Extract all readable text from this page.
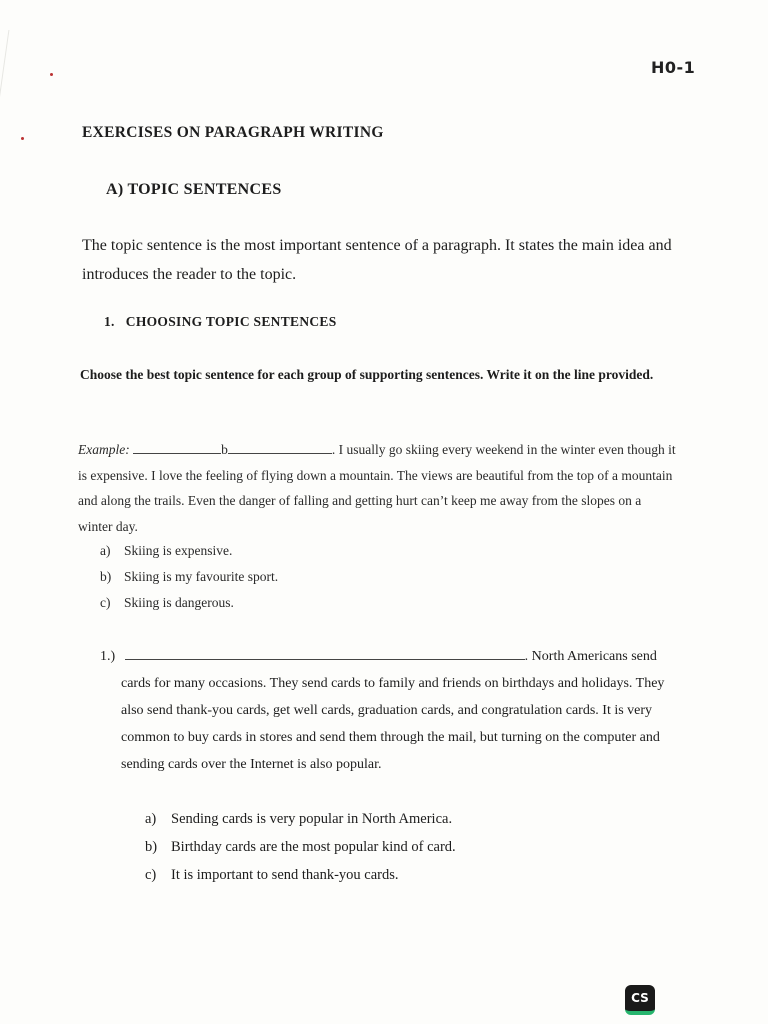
H0-1
EXERCISES ON PARAGRAPH WRITING
A) TOPIC SENTENCES
The topic sentence is the most important sentence of a paragraph. It states the main idea and introduces the reader to the topic.
1. CHOOSING TOPIC SENTENCES
Choose the best topic sentence for each group of supporting sentences. Write it on the line provided.
Example:	b	. I usually go skiing every weekend in the winter even though it is expensive. I love the feeling of flying down a mountain. The views are beautiful from the top of a mountain and along the trails. Even the danger of falling and getting hurt can’t keep me away from the slopes on a winter day.
a) Skiing is expensive.
b) Skiing is my favourite sport.
c) Skiing is dangerous.
1.)	. North Americans send
cards for many occasions. They send cards to family and friends on birthdays and holidays. They also send thank-you cards, get well cards, graduation cards, and congratulation cards. It is very common to buy cards in stores and send them through the mail, but turning on the computer and sending cards over the Internet is also popular.
a) Sending cards is very popular in North America.
b) Birthday cards are the most popular kind of card.
c) It is important to send thank-you cards.
CS
